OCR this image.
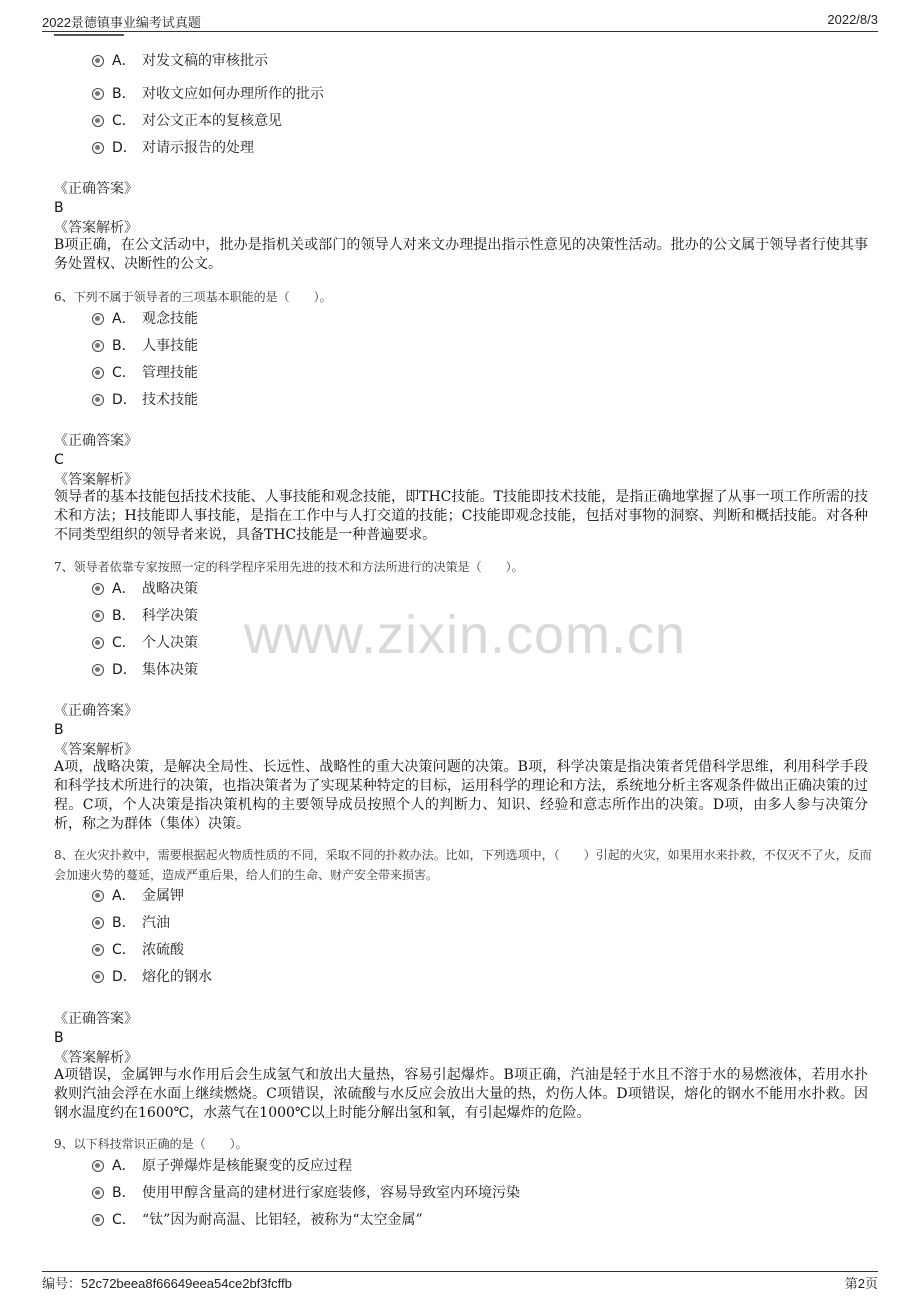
2022景德镇事业编考试真题	2022/8/3
A． 对发文稿的审核批示
B． 对收文应如何办理所作的批示
C． 对公文正本的复核意见
D． 对请示报告的处理
《正确答案》
B
《答案解析》
B项正确，在公文活动中，批办是指机关或部门的领导人对来文办理提出指示性意见的决策性活动。批办的公文属于领导者行使其事务处置权、决断性的公文。
6、下列不属于领导者的三项基本职能的是（　　）。
A． 观念技能
B． 人事技能
C． 管理技能
D． 技术技能
《正确答案》
C
《答案解析》
领导者的基本技能包括技术技能、人事技能和观念技能，即THC技能。T技能即技术技能，是指正确地掌握了从事一项工作所需的技术和方法；H技能即人事技能，是指在工作中与人打交道的技能；C技能即观念技能，包括对事物的洞察、判断和概括技能。对各种不同类型组织的领导者来说，具备THC技能是一种普遍要求。
7、领导者依靠专家按照一定的科学程序采用先进的技术和方法所进行的决策是（　　）。
A． 战略决策
B． 科学决策
C． 个人决策
D． 集体决策
《正确答案》
B
《答案解析》
A项，战略决策，是解决全局性、长远性、战略性的重大决策问题的决策。B项，科学决策是指决策者凭借科学思维，利用科学手段和科学技术所进行的决策，也指决策者为了实现某种特定的目标，运用科学的理论和方法，系统地分析主客观条件做出正确决策的过程。C项，个人决策是指决策机构的主要领导成员按照个人的判断力、知识、经验和意志所作出的决策。D项，由多人参与决策分析，称之为群体（集体）决策。
8、在火灾扑救中，需要根据起火物质性质的不同，采取不同的扑救办法。比如，下列选项中，（　　）引起的火灾，如果用水来扑救，不仅灭不了火，反而会加速火势的蔓延，造成严重后果，给人们的生命、财产安全带来损害。
A． 金属钾
B． 汽油
C． 浓硫酸
D． 熔化的钢水
《正确答案》
B
《答案解析》
A项错误，金属钾与水作用后会生成氢气和放出大量热，容易引起爆炸。B项正确，汽油是轻于水且不溶于水的易燃液体，若用水扑救则汽油会浮在水面上继续燃烧。C项错误，浓硫酸与水反应会放出大量的热，灼伤人体。D项错误，熔化的钢水不能用水扑救。因钢水温度约在1600℃，水蒸气在1000℃以上时能分解出氢和氧，有引起爆炸的危险。
9、以下科技常识正确的是（　　）。
A． 原子弹爆炸是核能聚变的反应过程
B． 使用甲醇含量高的建材进行家庭装修，容易导致室内环境污染
C． “钛”因为耐高温、比铝轻，被称为“太空金属”
www.zixin.com.cn
编号：52c72beea8f66649eea54ce2bf3fcffb	第2页
